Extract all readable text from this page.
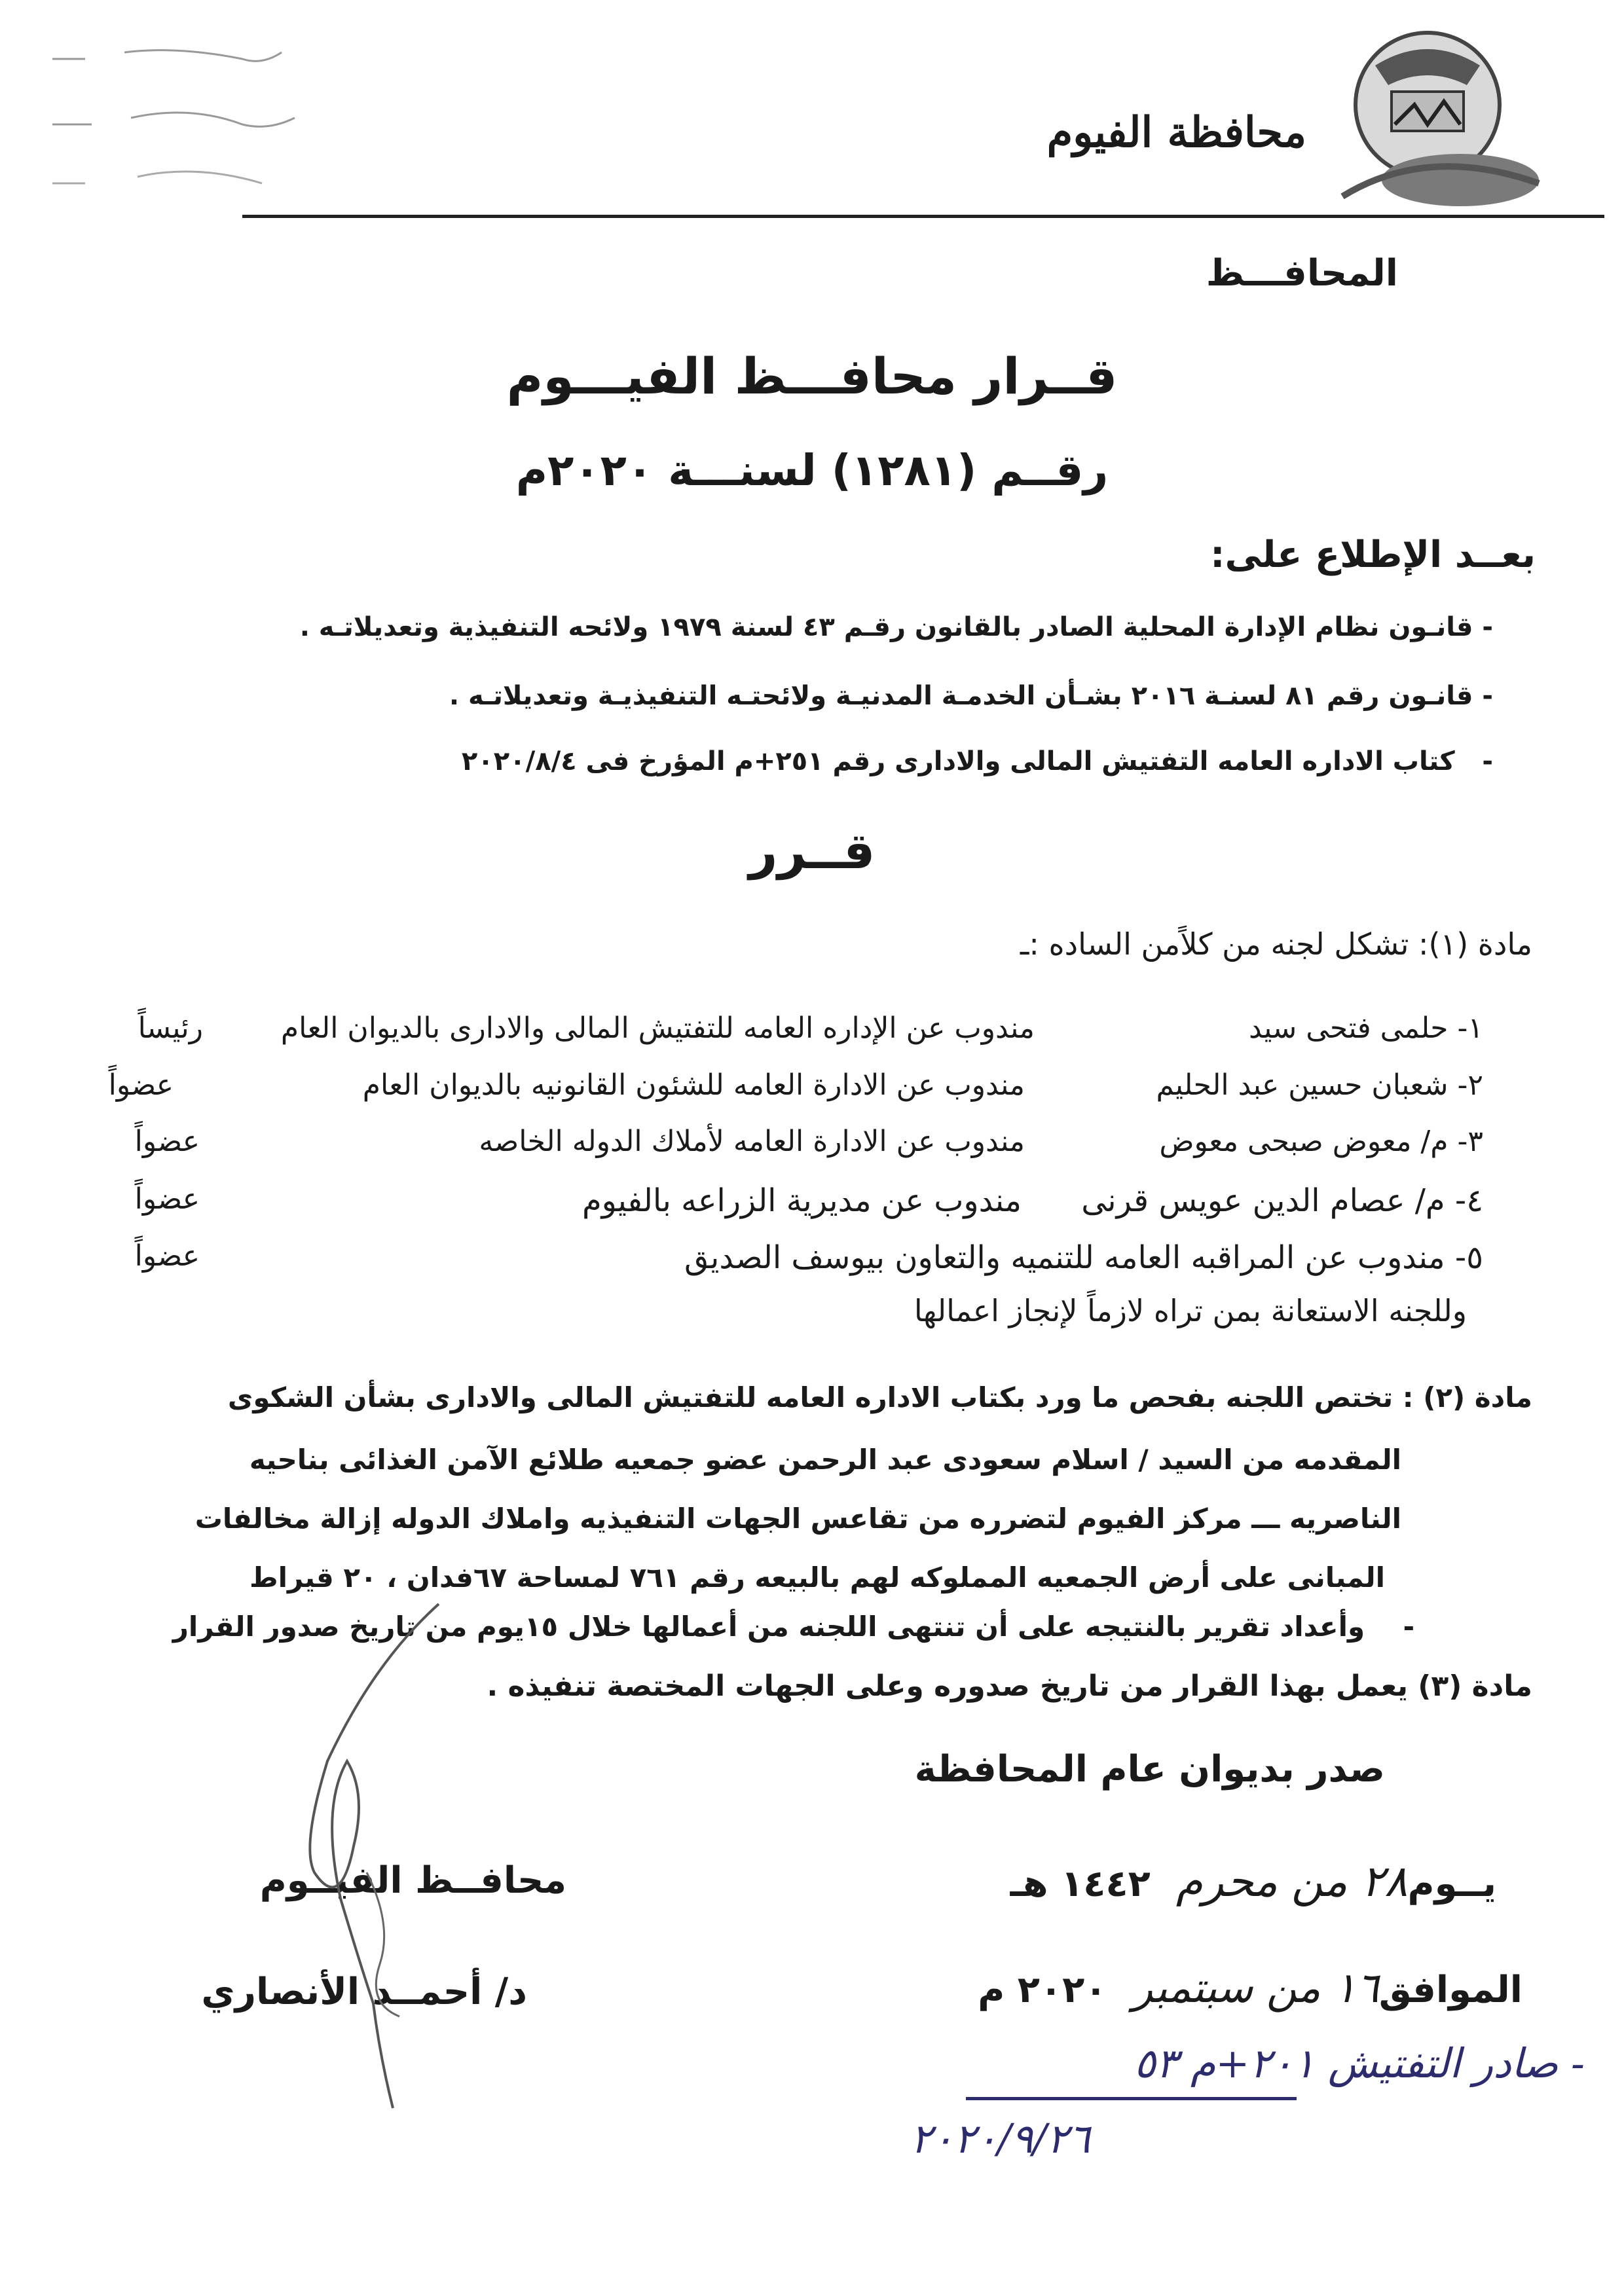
محافظة الفيوم
المحافـــظ
قــرار محافـــظ الفيـــوم
رقــم (١٢٨١) لسنـــة ٢٠٢٠م
بعــد الإطلاع على:
- قانـون نظام الإدارة المحلية الصادر بالقانون رقـم ٤٣ لسنة ١٩٧٩ ولائحه التنفيذية وتعديلاتـه .
- قانـون رقم ٨١ لسنـة ٢٠١٦ بشـأن الخدمـة المدنيـة ولائحتـه التنفيذيـة وتعديلاتـه .
-   كتاب الاداره العامه التفتيش المالى والادارى رقم ٢٥١+م المؤرخ فى ٢٠٢٠/٨/٤
قــرر
مادة (١): تشكل لجنه من كلاًمن الساده :ـ
١- حلمى فتحى سيد
مندوب عن الإداره العامه للتفتيش المالى والادارى بالديوان العام
رئيساً
٢- شعبان حسين عبد الحليم
مندوب عن الادارة العامه للشئون القانونيه بالديوان العام
عضواً
٣- م/ معوض صبحى معوض
مندوب عن الادارة العامه لأملاك الدوله الخاصه
عضواً
٤- م/ عصام الدين عويس قرنى
مندوب عن مديرية الزراعه بالفيوم
عضواً
٥- مندوب عن المراقبه العامه للتنميه والتعاون بيوسف الصديق
عضواً
وللجنه الاستعانة بمن تراه لازماً لإنجاز اعمالها
مادة (٢) : تختص اللجنه بفحص ما ورد بكتاب الاداره العامه للتفتيش المالى والادارى بشأن الشكوى
المقدمه من السيد / اسلام سعودى عبد الرحمن عضو جمعيه طلائع الآمن الغذائى بناحيه
الناصريه ـــ مركز الفيوم لتضرره من تقاعس الجهات التنفيذيه واملاك الدوله إزالة مخالفات
المبانى على أرض الجمعيه المملوكه لهم بالبيعه رقم ٧٦١ لمساحة ٦٧فدان ، ٢٠ قيراط
-    وأعداد تقرير بالنتيجه على أن تنتهى اللجنه من أعمالها خلال ١٥يوم من تاريخ صدور القرار
مادة (٣) يعمل بهذا القرار من تاريخ صدوره وعلى الجهات المختصة تنفيذه .
صدر بديوان عام المحافظة
يــوم٢٨ من محرم  ١٤٤٢ هـ
الموافق١٦ من سبتمبر  ٢٠٢٠ م
- صادر التفتيش ٢٠١+م ٥٣
٢٠٢٠/٩/٢٦
محافــظ الفيــوم
د/ أحمــد الأنصاري
